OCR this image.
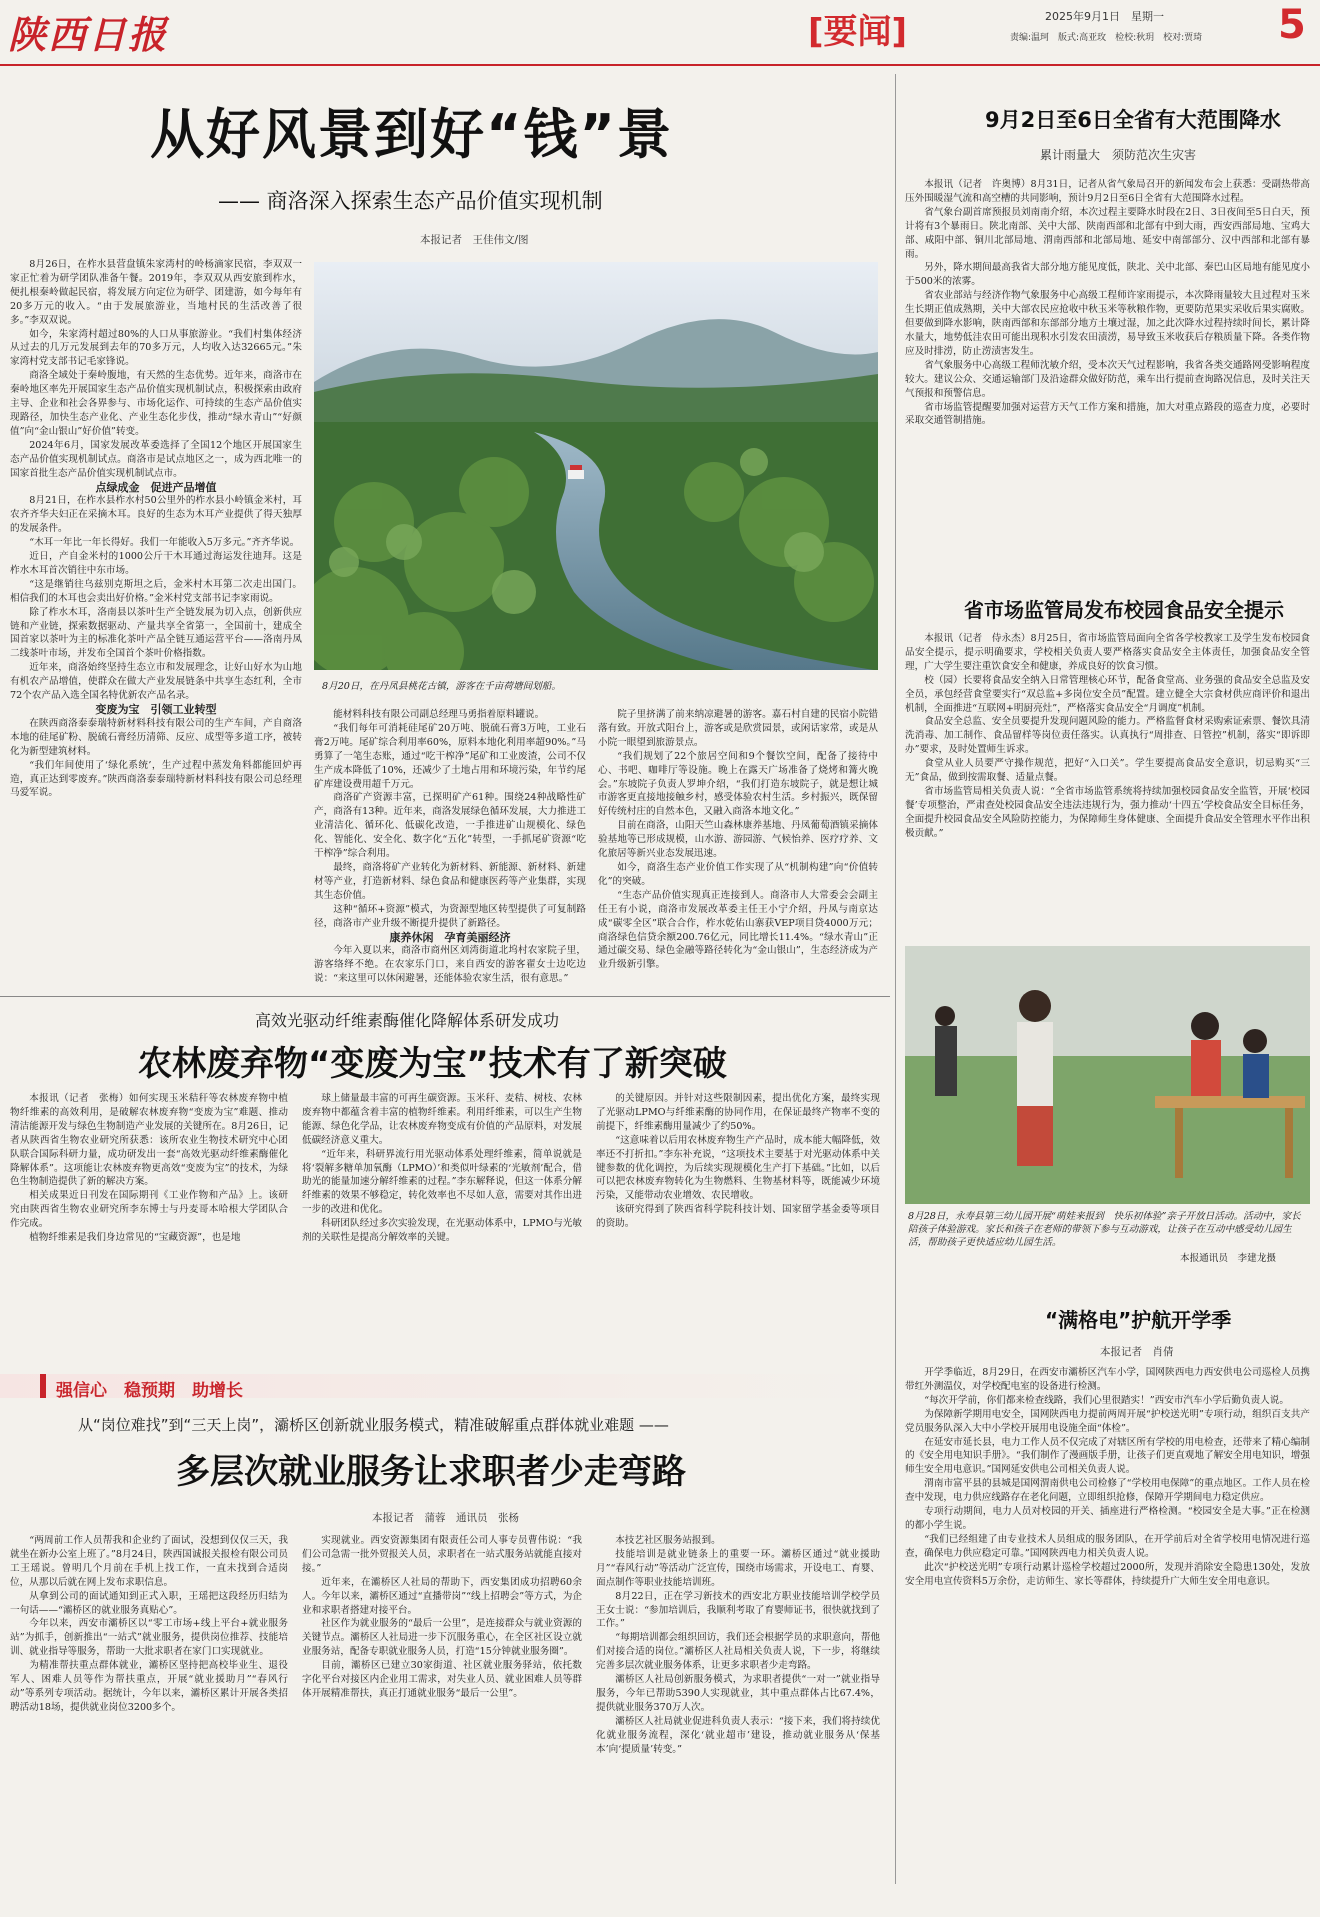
陕西日报	[要闻]	2025年9月1日　星期一
责编:温珂　版式:高亚玫　检校:秋玥　校对:贾琦 5
从好风景到好“钱”景
—— 商洛深入探索生态产品价值实现机制
本报记者　王佳伟文/图

8月26日，在柞水县营盘镇朱家湾村的岭杨滴家民宿，李双双一家正忙着为研学团队准备午餐。2019年，李双双从西安旅到柞水，便扎根秦岭做起民宿，将发展方向定位为研学、团建游，如今每年有20多万元的收入。“由于发展旅游业，当地村民的生活改善了很多。”李双双说。

如今，朱家湾村超过80%的人口从事旅游业。“我们村集体经济从过去的几万元发展到去年的70多万元，人均收入达32665元。”朱家湾村党支部书记毛家锋说。

商洛全域处于秦岭腹地，有天然的生态优势。近年来，商洛市在秦岭地区率先开展国家生态产品价值实现机制试点，积极探索由政府主导、企业和社会各界参与、市场化运作、可持续的生态产品价值实现路径，加快生态产业化、产业生态化步伐，推动“绿水青山”“好颜值”向“金山银山”好价值”转变。

2024年6月，国家发展改革委选择了全国12个地区开展国家生态产品价值实现机制试点。商洛市是试点地区之一，成为西北唯一的国家首批生态产品价值实现机制试点市。

点绿成金　促进产品增值

8月21日，在柞水县柞水村50公里外的柞水县小岭镇金米村，耳农齐齐华夫妇正在采摘木耳。良好的生态为木耳产业提供了得天独厚的发展条件。

“木耳一年比一年长得好。我们一年能收入5万多元。”齐齐华说。

近日，产自金米村的1000公斤干木耳通过海运发往迪拜。这是柞水木耳首次销往中东市场。

“这是继销往乌兹别克斯坦之后，金米村木耳第二次走出国门。相信我们的木耳也会卖出好价格。”金米村党支部书记李家雨说。

除了柞水木耳，洛南县以茶叶生产全链发展为切入点，创新供应链和产业链，探索数据驱动、产量共享全省第一，全国前十，建成全国首家以茶叶为主的标准化茶叶产品全链互通运营平台——洛南丹凤二线茶叶市场，并发布全国首个茶叶价格指数。

近年来，商洛始终坚持生态立市和发展理念，让好山好水为山地有机农产品增值，使群众在做大产业发展链条中共享生态红利，全市72个农产品入选全国名特优新农产品名录。

变废为宝　引领工业转型

在陕西商洛泰泰瑞特新材料科技有限公司的生产车间，产自商洛本地的硅尾矿粉、脱硫石膏经历清筛、反应、成型等多道工序，被转化为新型建筑材料。

“我们年间使用了‘绿化系统’，生产过程中蒸发角料都能回炉再造，真正达到零废弃。”陕西商洛泰泰瑞特新材料科技有限公司总经理马爱军说。

8月20日，在丹凤县桃花古镇，游客在千亩荷塘间划船。

能材料科技有限公司副总经理马勇指着原料罐说。

“我们每年可消耗硅尾矿20万吨、脱硫石膏3万吨，工业石膏2万吨。尾矿综合利用率60%，原料本地化利用率超90%。”马勇算了一笔生态账，通过“吃干榨净”尾矿和工业废渣，公司不仅生产成本降低了10%，还减少了土地占用和环境污染，年节约尾矿库建设费用超千万元。

商洛矿产资源丰富，已探明矿产61种。围绕24种战略性矿产，商洛有13种。近年来，商洛发展绿色循环发展，大力推进工业清洁化、循环化、低碳化改造，一手推进矿山规模化、绿色化、智能化、安全化、数字化“五化”转型，一手抓尾矿资源“吃干榨净”综合利用。

最终，商洛将矿产业转化为新材料、新能源、新材料、新建材等产业，打造新材料、绿色食品和健康医药等产业集群，实现其生态价值。

这种“循环+资源”模式，为资源型地区转型提供了可复制路径，商洛市产业升级不断提升提供了新路径。

康养休闲　孕育美丽经济

今年入夏以来，商洛市商州区刘湾街道北坞村农家院子里，游客络绎不绝。在农家乐门口，来自西安的游客翟女士边吃边说：“来这里可以休闲避暑，还能体验农家生活，很有意思。”

院子里挤满了前来纳凉避暑的游客。嘉石村自建的民宿小院错落有致。开放式阳台上，游客或是欣赏园景，或闲话家常，或是从小院一眼望到旅游景点。

“我们规划了22个旅居空间和9个餐饮空间，配备了接待中心、书吧、咖啡厅等设施。晚上在露天广场准备了烧烤和篝火晚会。”东坡院子负责人罗坤介绍，“我们打造东坡院子，就是想让城市游客更直接地接触乡村，感受体验农村生活。乡村振兴，既保留好传统村庄的自然本色，又融入商洛本地文化。”

目前在商洛，山阳天竺山森林康养基地、丹凤葡萄酒镇采摘体验基地等已形成规模，山水游、游园游、气候怡养、医疗疗养、文化旅居等新兴业态发展迅速。

如今，商洛生态产业价值工作实现了从“机制构建”向“价值转化”的突破。

“生态产品价值实现真正连接到人。商洛市人大常委会会副主任王有小说，商洛市发展改革委主任王小宁介绍，丹凤与南京达成“碳零全区”联合合作，柞水乾佑山寨获VEP项目贷4000万元；商洛绿色信贷余额200.76亿元，同比增长11.4%。“绿水青山”正通过碳交易、绿色金融等路径转化为“金山银山”，生态经济成为产业升级新引擎。

9月2日至6日全省有大范围降水
累计雨量大　须防范次生灾害

本报讯（记者　许奥博）8月31日，记者从省气象局召开的新闻发布会上获悉：受副热带高压外围暖湿气流和高空槽的共同影响，预计9月2日至6日全省有大范围降水过程。

省气象台副首席预报员刘南南介绍，本次过程主要降水时段在2日、3日夜间至5日白天，预计将有3个暴雨日。陕北南部、关中大部、陕南西部和北部有中到大雨，西安西部局地、宝鸡大部、咸阳中部、铜川北部局地、渭南西部和北部局地、延安中南部部分、汉中西部和北部有暴雨。

另外，降水期间最高我省大部分地方能见度低，陕北、关中北部、秦巴山区局地有能见度小于500米的浓雾。

省农业部站与经济作物气象服务中心高级工程师许家雨提示，本次降雨量较大且过程对玉米生长期正值成熟期，关中大部农民应抢收中秋玉米等秋粮作物，更要防范果实采收后果实腐败。但要做到降水影响，陕南西部和东部部分地方土壤过湿，加之此次降水过程持续时间长，累计降水量大，地势低洼农田可能出现积水引发农田渍涝，易导致玉米收获后存粮质量下降。各类作物应及时排涝，防止涝渍害发生。

省气象服务中心高级工程师沈敏介绍，受本次天气过程影响，我省各类交通路网受影响程度较大。建议公众、交通运输部门及沿途群众做好防范，乘车出行提前查询路况信息，及时关注天气预报和预警信息。

省市场监管提醒要加强对运营方天气工作方案和措施，加大对重点路段的巡查力度，必要时采取交通管制措施。

省市场监管局发布校园食品安全提示

本报讯（记者　侍永杰）8月25日，省市场监管局面向全省各学校教家工及学生发布校园食品安全提示，提示明确要求，学校相关负责人要严格落实食品安全主体责任，加强食品安全管理，广大学生要注重饮食安全和健康，养成良好的饮食习惯。

校（园）长要将食品安全纳入日常管理核心环节，配备食堂高、业务强的食品安全总监及安全员，承包经营食堂要实行“双总监+多岗位安全员”配置。建立健全大宗食材供应商评价和退出机制，全面推进“互联网+明厨亮灶”，严格落实食品安全“月调度”机制。

食品安全总监、安全员要提升发现问题风险的能力。严格监督食材采购索证索票、餐饮具清洗消毒、加工制作、食品留样等岗位责任落实。认真执行“周排查、日管控”机制，落实“即诉即办”要求，及时处置师生诉求。

食堂从业人员要严守操作规范，把好“入口关”。学生要提高食品安全意识，切忌购买“三无”食品，做到按需取餐、适量点餐。

省市场监管局相关负责人说：“全省市场监管系统将持续加强校园食品安全监管，开展‘校园餐’专项整治，严肃查处校园食品安全违法违规行为，强力推动‘十四五’学校食品安全目标任务，全面提升校园食品安全风险防控能力，为保障师生身体健康、全面提升食品安全管理水平作出积极贡献。”

8月28日，永寿县第三幼儿园开展“萌娃来报到　快乐初体验”亲子开放日活动。活动中，家长陪孩子体验游戏。家长和孩子在老师的带领下参与互动游戏，让孩子在互动中感受幼儿园生活，帮助孩子更快适应幼儿园生活。
本报通讯员　李建龙摄
“满格电”护航开学季
本报记者　肖倩

开学季临近，8月29日，在西安市灞桥区汽车小学，国网陕西电力西安供电公司巡检人员携带红外测温仪，对学校配电室的设备进行检测。

“每次开学前，你们都来检查线路，我们心里很踏实！”西安市汽车小学后勤负责人说。

为保障新学期用电安全，国网陕西电力提前两周开展“护校送光明”专项行动，组织百支共产党员服务队深入大中小学校开展用电设施全面“体检”。

在延安市延长县，电力工作人员不仅完成了对辖区所有学校的用电检查，还带来了精心编制的《安全用电知识手册》。“我们制作了漫画版手册，让孩子们更直观地了解安全用电知识，增强师生安全用电意识。”国网延安供电公司相关负责人说。

渭南市富平县的县城是国网渭南供电公司检修了“学校用电保障”的重点地区。工作人员在检查中发现，电力供应线路存在老化问题，立即组织抢修，保障开学期间电力稳定供应。

专项行动期间，电力人员对校园的开关、插座进行严格检测。“校园安全是大事。”正在检测的都小学生说。

“我们已经组建了由专业技术人员组成的服务团队，在开学前后对全省学校用电情况进行巡查，确保电力供应稳定可靠。”国网陕西电力相关负责人说。

此次“护校送光明”专项行动累计巡检学校超过2000所，发现并消除安全隐患130处，发放安全用电宣传资料5万余份，走访师生、家长等群体，持续提升广大师生安全用电意识。

高效光驱动纤维素酶催化降解体系研发成功
农林废弃物“变废为宝”技术有了新突破

本报讯（记者　张梅）如何实现玉米秸秆等农林废弃物中植物纤维素的高效利用，是破解农林废弃物“变废为宝”难题、推动清洁能源开发与绿色生物制造产业发展的关键所在。8月26日，记者从陕西省生物农业研究所获悉：该所农业生物技术研究中心团队联合国际科研力量，成功研发出一套“高效光驱动纤维素酶催化降解体系”。这项能让农林废弃物更高效“变废为宝”的技术，为绿色生物制造提供了新的解决方案。

相关成果近日刊发在国际期刊《工业作物和产品》上。该研究由陕西省生物农业研究所李东博士与丹麦哥本哈根大学团队合作完成。

植物纤维素是我们身边常见的“宝藏资源”，也是地

球上储量最丰富的可再生碳资源。玉米秆、麦秸、树枝、农林废弃物中都蕴含着丰富的植物纤维素。利用纤维素，可以生产生物能源、绿色化学品，让农林废弃物变成有价值的产品原料，对发展低碳经济意义重大。

“近年来，科研界流行用光驱动体系处理纤维素，简单说就是将‘裂解多糖单加氧酶（LPMO）’和类似叶绿素的‘光敏剂’配合，借助光的能量加速分解纤维素的过程。”李东解释说，但这一体系分解纤维素的效果不够稳定，转化效率也不尽如人意，需要对其作出进一步的改进和优化。

科研团队经过多次实验发现，在光驱动体系中，LPMO与光敏剂的关联性是提高分解效率的关键。

的关键原因。并针对这些限制因素，提出优化方案，最终实现了光驱动LPMO与纤维素酶的协同作用，在保证最终产物率不变的前提下，纤维素酶用量减少了约50%。

“这意味着以后用农林废弃物生产产品时，成本能大幅降低，效率还不打折扣。”李东补充说，“这项技术主要基于对光驱动体系中关键参数的优化调控，为后续实现规模化生产打下基础。”比如，以后可以把农林废弃物转化为生物燃料、生物基材料等，既能减少环境污染，又能带动农业增效、农民增收。

该研究得到了陕西省科学院科技计划、国家留学基金委等项目的资助。

强信心　稳预期　助增长
从“岗位难找”到“三天上岗”，灞桥区创新就业服务模式，精准破解重点群体就业难题 ——
多层次就业服务让求职者少走弯路
本报记者　蒲蓉　通讯员　张杨

“两周前工作人员帮我和企业约了面试，没想到仅仅三天，我就坐在新办公室上班了。”8月24日，陕西国诚报关报检有限公司员工王瑶说。曾明几个月前在手机上找工作，一直未找到合适岗位，从那以后就在网上发布求职信息。

从拿到公司的面试通知到正式入职，王瑶把这段经历归结为一句话——“灞桥区的就业服务真贴心”。

今年以来，西安市灞桥区以“零工市场+线上平台+就业服务站”为抓手，创新推出“一站式”就业服务，提供岗位推荐、技能培训、就业指导等服务，帮助一大批求职者在家门口实现就业。

为精准帮扶重点群体就业，灞桥区坚持把高校毕业生、退役军人、困难人员等作为帮扶重点，开展“就业援助月”“春风行动”等系列专项活动。据统计，今年以来，灞桥区累计开展各类招聘活动18场，提供就业岗位3200多个。

实现就业。西安资源集团有限责任公司人事专员曹伟说：“我们公司急需一批外贸报关人员，求职者在一站式服务站就能直接对接。”

近年来，在灞桥区人社局的帮助下，西安集团成功招聘60余人。今年以来，灞桥区通过“直播带岗”“线上招聘会”等方式，为企业和求职者搭建对接平台。

社区作为就业服务的“最后一公里”，是连接群众与就业资源的关键节点。灞桥区人社局进一步下沉服务重心，在全区社区设立就业服务站，配备专职就业服务人员，打造“15分钟就业服务圈”。

目前，灞桥区已建立30家街道、社区就业服务驿站，依托数字化平台对接区内企业用工需求，对失业人员、就业困难人员等群体开展精准帮扶，真正打通就业服务“最后一公里”。

本技艺社区服务站报到。

技能培训是就业链条上的重要一环。灞桥区通过“就业援助月”“春风行动”等活动广泛宣传，围绕市场需求，开设电工、育婴、面点制作等职业技能培训班。

8月22日，正在学习新技术的西安北方职业技能培训学校学员王女士说：“参加培训后，我顺利考取了育婴师证书，很快就找到了工作。”

“每期培训都会组织回访，我们还会根据学员的求职意向，帮他们对接合适的岗位。”灞桥区人社局相关负责人说，下一步，将继续完善多层次就业服务体系，让更多求职者少走弯路。

灞桥区人社局创新服务模式，为求职者提供“一对一”就业指导服务，今年已帮助5390人实现就业，其中重点群体占比67.4%，提供就业服务370万人次。

灞桥区人社局就业促进科负责人表示：“接下来，我们将持续优化就业服务流程，深化‘就业超市’建设，推动就业服务从‘保基本’向‘提质量’转变。”
